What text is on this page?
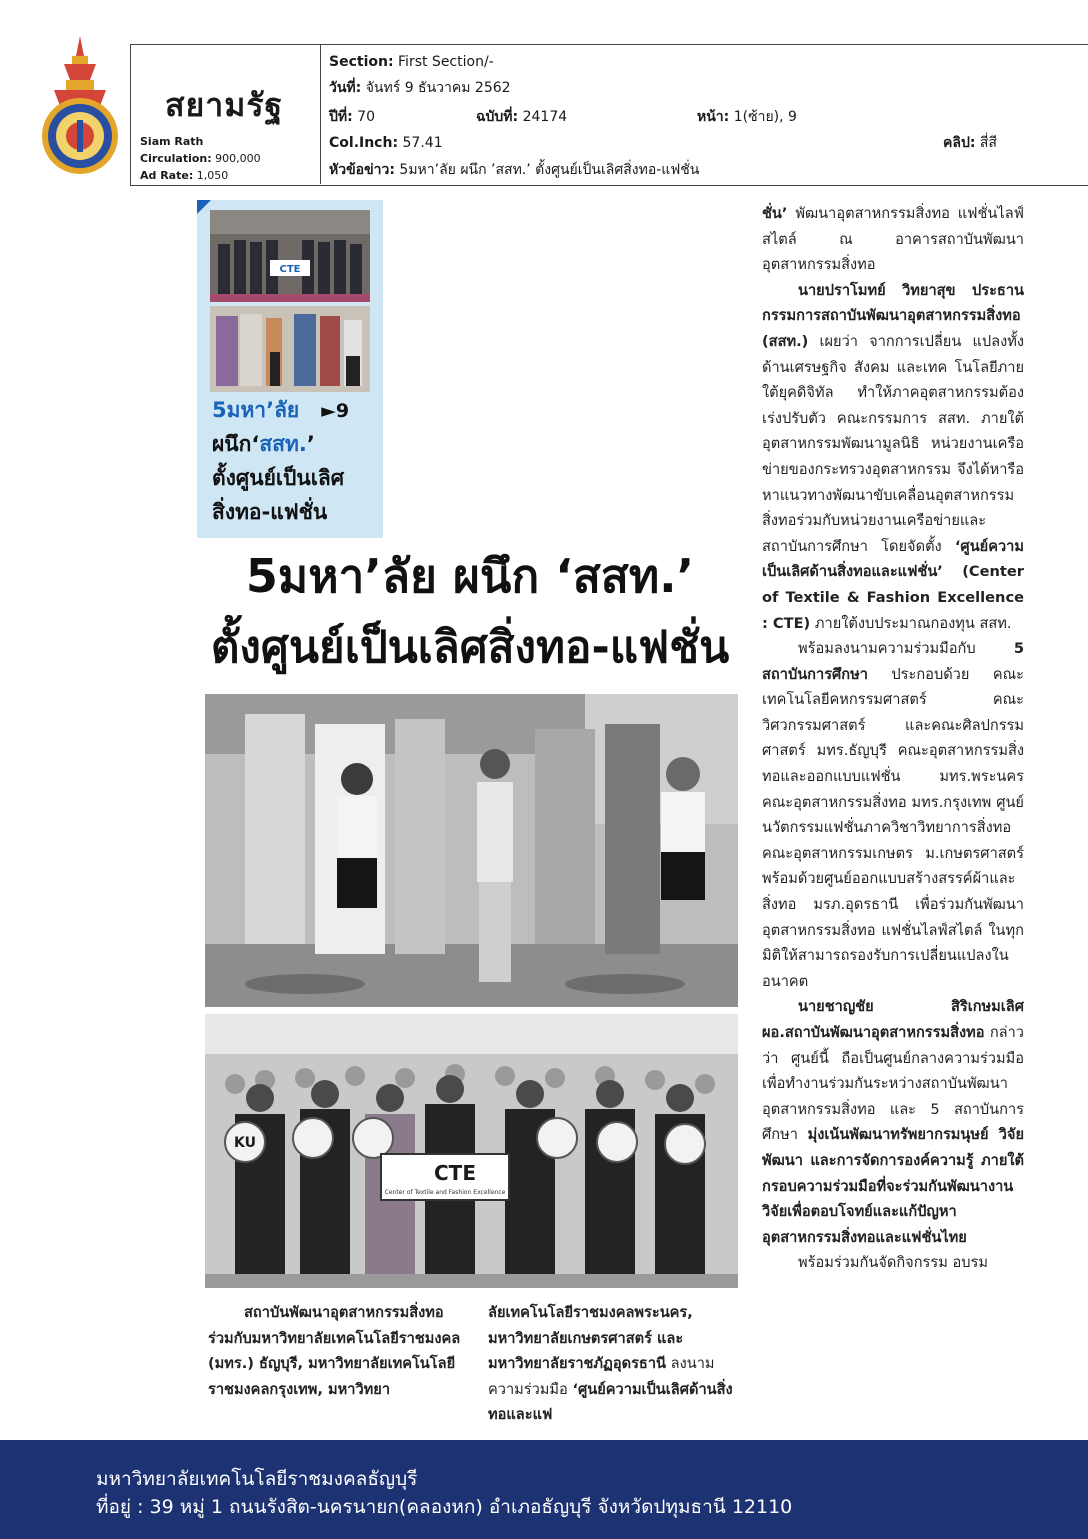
สยามรัฐ
Siam Rath
Circulation: 900,000
Ad Rate: 1,050
Section: First Section/-
วันที่: จันทร์ 9 ธันวาคม 2562
ปีที่: 70	ฉบับที่: 24174	หน้า: 1(ซ้าย), 9
Col.Inch: 57.41	คลิป: สี่สี
หัวข้อข่าว: 5มหา’ลัย ผนึก ’สสท.’ ตั้งศูนย์เป็นเลิศสิ่งทอ-แฟชั่น
CTE
5มหา’ลัย ►9
ผนึก‘สสท.’
ตั้งศูนย์เป็นเลิศ
สิ่งทอ-แฟชั่น
5มหา’ลัย ผนึก ‘สสท.’
ตั้งศูนย์เป็นเลิศสิ่งทอ-แฟชั่น
KU
CTE
Center of Textile and Fashion Excellence

ชั่น’ พัฒนาอุตสาหกรรมสิ่งทอ แฟชั่นไลฟ์สไตล์ ณ อาคารสถาบันพัฒนาอุตสาหกรรมสิ่งทอ

นายปราโมทย์ วิทยาสุข ประธานกรรมการสถาบันพัฒนาอุตสาหกรรมสิ่งทอ (สสท.) เผยว่า จากการเปลี่ยน แปลงทั้งด้านเศรษฐกิจ สังคม และเทค โนโลยีภายใต้ยุคดิจิทัล ทำให้ภาคอุตสาหกรรมต้องเร่งปรับตัว คณะกรรมการ สสท. ภายใต้อุตสาหกรรมพัฒนามูลนิธิ หน่วยงานเครือข่ายของกระทรวงอุตสาหกรรม จึงได้หารือหาแนวทางพัฒนาขับเคลื่อนอุตสาหกรรมสิ่งทอร่วมกับหน่วยงานเครือข่ายและสถาบันการศึกษา โดยจัดตั้ง ‘ศูนย์ความเป็นเลิศด้านสิ่งทอและแฟชั่น’ (Center of Textile & Fashion Excellence : CTE) ภายใต้งบประมาณกองทุน สสท.

พร้อมลงนามความร่วมมือกับ 5 สถาบันการศึกษา ประกอบด้วย คณะเทคโนโลยีคหกรรมศาสตร์ คณะวิศวกรรมศาสตร์ และคณะศิลปกรรมศาสตร์ มทร.ธัญบุรี คณะอุตสาหกรรมสิ่งทอและออกแบบแฟชั่น มทร.พระนคร คณะอุตสาหกรรมสิ่งทอ มทร.กรุงเทพ ศูนย์นวัตกรรมแฟชั่นภาควิชาวิทยาการสิ่งทอ คณะอุตสาหกรรมเกษตร ม.เกษตรศาสตร์ พร้อมด้วยศูนย์ออกแบบสร้างสรรค์ผ้าและสิ่งทอ มรภ.อุดรธานี เพื่อร่วมกันพัฒนาอุตสาหกรรมสิ่งทอ แฟชั่นไลฟ์สไตล์ ในทุกมิติให้สามารถรองรับการเปลี่ยนแปลงในอนาคต

นายชาญชัย สิริเกษมเลิศ ผอ.สถาบันพัฒนาอุตสาหกรรมสิ่งทอ กล่าวว่า ศูนย์นี้ ถือเป็นศูนย์กลางความร่วมมือ เพื่อทำงานร่วมกันระหว่างสถาบันพัฒนาอุตสาหกรรมสิ่งทอ และ 5 สถาบันการศึกษา มุ่งเน้นพัฒนาทรัพยากรมนุษย์ วิจัยพัฒนา และการจัดการองค์ความรู้ ภายใต้กรอบความร่วมมือที่จะร่วมกันพัฒนางานวิจัยเพื่อตอบโจทย์และแก้ปัญหาอุตสาหกรรมสิ่งทอและแฟชั่นไทย

พร้อมร่วมกันจัดกิจกรรม อบรม

สถาบันพัฒนาอุตสาหกรรมสิ่งทอ ร่วมกับมหาวิทยาลัยเทคโนโลยีราชมงคล (มทร.) ธัญบุรี, มหาวิทยาลัยเทคโนโลยีราชมงคลกรุงเทพ, มหาวิทยา

ลัยเทคโนโลยีราชมงคลพระนคร, มหาวิทยาลัยเกษตรศาสตร์ และ มหาวิทยาลัยราชภัฏอุดรธานี ลงนามความร่วมมือ ‘ศูนย์ความเป็นเลิศด้านสิ่งทอและแฟ

มหาวิทยาลัยเทคโนโลยีราชมงคลธัญบุรี
ที่อยู่ : 39 หมู่ 1 ถนนรังสิต-นครนายก(คลองหก) อำเภอธัญบุรี จังหวัดปทุมธานี 12110
